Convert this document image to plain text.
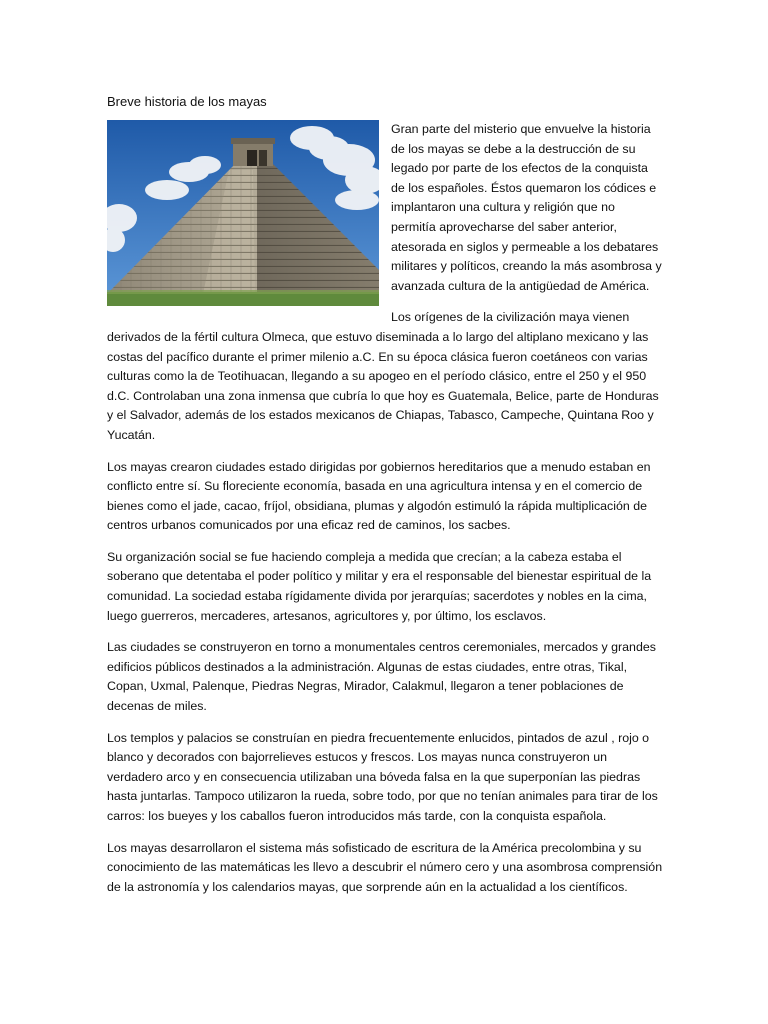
Breve historia de los mayas

Gran parte del misterio que envuelve la historia de los mayas se debe a la destrucción de su legado por parte de los efectos de la conquista de los españoles. Éstos quemaron los códices e implantaron una cultura y religión que no permitía aprovecharse del saber anterior, atesorada en siglos y permeable a los debatares militares y políticos, creando la más asombrosa y avanzada cultura de la antigüedad de América.

Los orígenes de la civilización maya vienen derivados de la fértil cultura Olmeca, que estuvo diseminada a lo largo del altiplano mexicano y las costas del pacífico durante el primer milenio a.C. En su época clásica fueron coetáneos con varias culturas como la de Teotihuacan, llegando a su apogeo en el período clásico, entre el 250 y el 950 d.C. Controlaban una zona inmensa que cubría lo que hoy es Guatemala, Belice, parte de Honduras y el Salvador, además de los estados mexicanos de Chiapas, Tabasco, Campeche, Quintana Roo y Yucatán.

Los mayas crearon ciudades estado dirigidas por gobiernos hereditarios que a menudo estaban en conflicto entre sí. Su floreciente economía, basada en una agricultura intensa y en el comercio de bienes como el jade, cacao, fríjol, obsidiana, plumas y algodón estimuló la rápida multiplicación de centros urbanos comunicados por una eficaz red de caminos, los sacbes.

Su organización social se fue haciendo compleja a medida que crecían; a la cabeza estaba el soberano que detentaba el poder político y militar y era el responsable del bienestar espiritual de la comunidad. La sociedad estaba rígidamente divida por jerarquías; sacerdotes y nobles en la cima, luego guerreros, mercaderes, artesanos, agricultores y, por último, los esclavos.

Las ciudades se construyeron en torno a monumentales centros ceremoniales, mercados y grandes edificios públicos destinados a la administración. Algunas de estas ciudades, entre otras, Tikal, Copan, Uxmal, Palenque, Piedras Negras, Mirador, Calakmul, llegaron a tener poblaciones de decenas de miles.

Los templos y palacios se construían en piedra frecuentemente enlucidos, pintados de azul , rojo o blanco y decorados con bajorrelieves estucos y frescos. Los mayas nunca construyeron un verdadero arco y en consecuencia utilizaban una bóveda falsa en la que superponían las piedras hasta juntarlas. Tampoco utilizaron la rueda, sobre todo, por que no tenían animales para tirar de los carros: los bueyes y los caballos fueron introducidos más tarde, con la conquista española.

Los mayas desarrollaron el sistema más sofisticado de escritura de la América precolombina y su conocimiento de las matemáticas les llevo a descubrir el número cero y una asombrosa comprensión de la astronomía y los calendarios mayas, que sorprende aún en la actualidad a los científicos.
